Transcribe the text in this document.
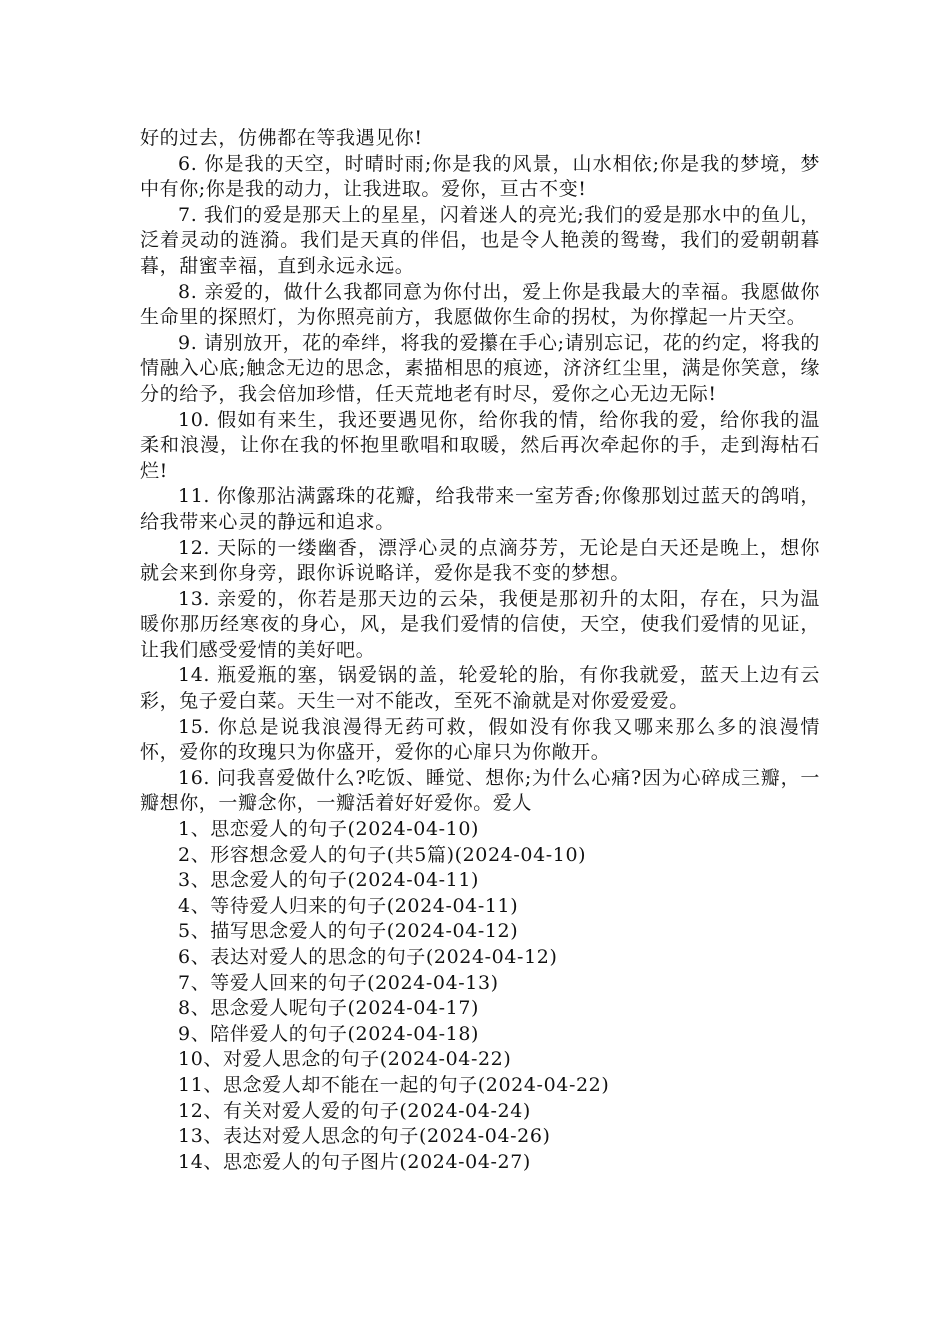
好的过去，仿佛都在等我遇见你!

6. 你是我的天空，时晴时雨;你是我的风景，山水相依;你是我的梦境，梦中有你;你是我的动力，让我进取。爱你，亘古不变!

7. 我们的爱是那天上的星星，闪着迷人的亮光;我们的爱是那水中的鱼儿，泛着灵动的涟漪。我们是天真的伴侣，也是令人艳羡的鸳鸯，我们的爱朝朝暮暮，甜蜜幸福，直到永远永远。

8. 亲爱的，做什么我都同意为你付出，爱上你是我最大的幸福。我愿做你生命里的探照灯，为你照亮前方，我愿做你生命的拐杖，为你撑起一片天空。

9. 请别放开，花的牵绊，将我的爱攥在手心;请别忘记，花的约定，将我的情融入心底;触念无边的思念，素描相思的痕迹，济济红尘里，满是你笑意，缘分的给予，我会倍加珍惜，任天荒地老有时尽，爱你之心无边无际!

10. 假如有来生，我还要遇见你，给你我的情，给你我的爱，给你我的温柔和浪漫，让你在我的怀抱里歌唱和取暖，然后再次牵起你的手，走到海枯石烂!

11. 你像那沾满露珠的花瓣，给我带来一室芳香;你像那划过蓝天的鸽哨，给我带来心灵的静远和追求。

12. 天际的一缕幽香，漂浮心灵的点滴芬芳，无论是白天还是晚上，想你就会来到你身旁，跟你诉说略详，爱你是我不变的梦想。

13. 亲爱的，你若是那天边的云朵，我便是那初升的太阳，存在，只为温暖你那历经寒夜的身心，风，是我们爱情的信使，天空，使我们爱情的见证，让我们感受爱情的美好吧。

14. 瓶爱瓶的塞，锅爱锅的盖，轮爱轮的胎，有你我就爱，蓝天上边有云彩，兔子爱白菜。天生一对不能改，至死不渝就是对你爱爱爱。

15. 你总是说我浪漫得无药可救，假如没有你我又哪来那么多的浪漫情怀，爱你的玫瑰只为你盛开，爱你的心扉只为你敞开。

16. 问我喜爱做什么?吃饭、睡觉、想你;为什么心痛?因为心碎成三瓣，一瓣想你，一瓣念你，一瓣活着好好爱你。爱人

1、思恋爱人的句子(2024-04-10)
2、形容想念爱人的句子(共5篇)(2024-04-10)
3、思念爱人的句子(2024-04-11)
4、等待爱人归来的句子(2024-04-11)
5、描写思念爱人的句子(2024-04-12)
6、表达对爱人的思念的句子(2024-04-12)
7、等爱人回来的句子(2024-04-13)
8、思念爱人呢句子(2024-04-17)
9、陪伴爱人的句子(2024-04-18)
10、对爱人思念的句子(2024-04-22)
11、思念爱人却不能在一起的句子(2024-04-22)
12、有关对爱人爱的句子(2024-04-24)
13、表达对爱人思念的句子(2024-04-26)
14、思恋爱人的句子图片(2024-04-27)
